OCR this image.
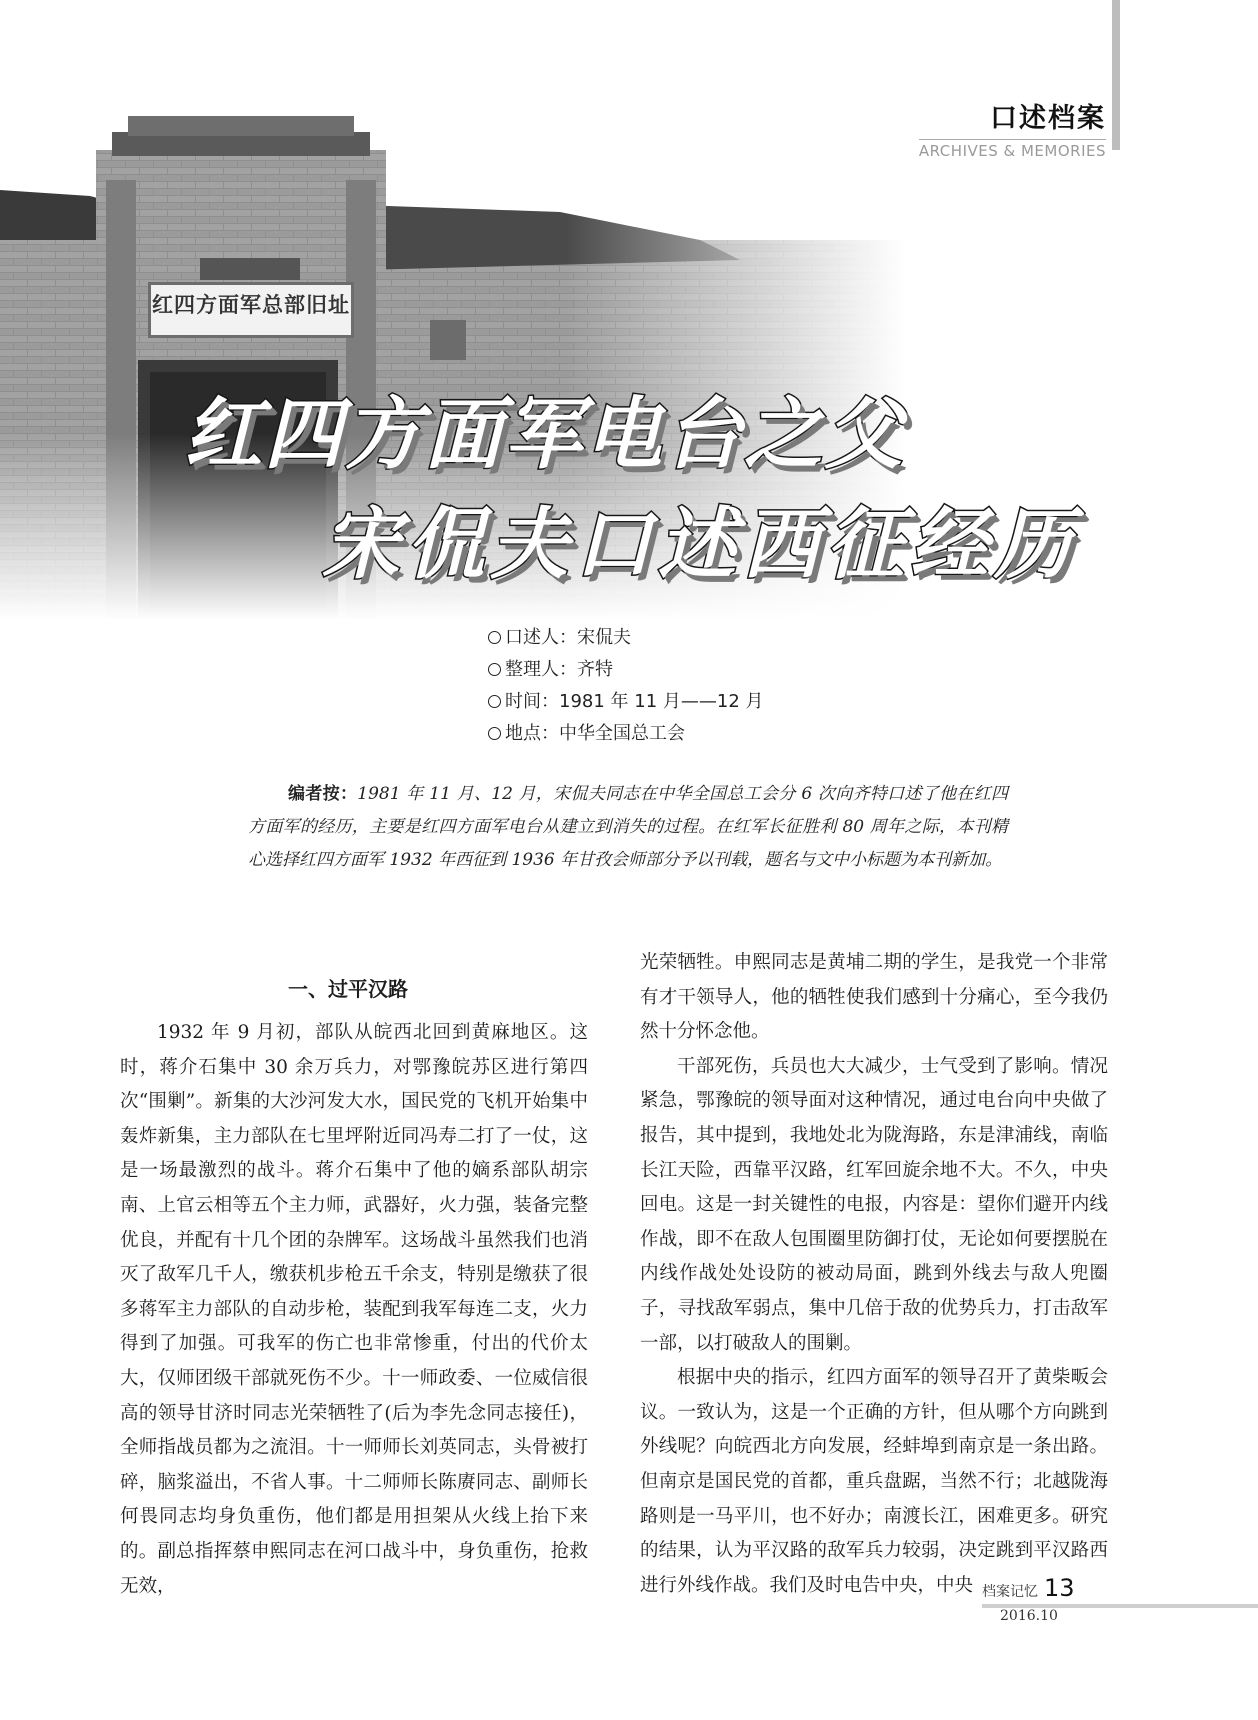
红四方面军总部旧址
口述档案
ARCHIVES & MEMORIES
红四方面军电台之父
宋侃夫口述西征经历
口述人：宋侃夫
整理人：齐特
时间：1981 年 11 月——12 月
地点：中华全国总工会
编者按：1981 年 11 月、12 月，宋侃夫同志在中华全国总工会分 6 次向齐特口述了他在红四方面军的经历，主要是红四方面军电台从建立到消失的过程。在红军长征胜利 80 周年之际，本刊精心选择红四方面军 1932 年西征到 1936 年甘孜会师部分予以刊载，题名与文中小标题为本刊新加。
一、过平汉路

1932 年 9 月初，部队从皖西北回到黄麻地区。这时，蒋介石集中 30 余万兵力，对鄂豫皖苏区进行第四次“围剿”。新集的大沙河发大水，国民党的飞机开始集中轰炸新集，主力部队在七里坪附近同冯寿二打了一仗，这是一场最激烈的战斗。蒋介石集中了他的嫡系部队胡宗南、上官云相等五个主力师，武器好，火力强，装备完整优良，并配有十几个团的杂牌军。这场战斗虽然我们也消灭了敌军几千人，缴获机步枪五千余支，特别是缴获了很多蒋军主力部队的自动步枪，装配到我军每连二支，火力得到了加强。可我军的伤亡也非常惨重，付出的代价太大，仅师团级干部就死伤不少。十一师政委、一位威信很高的领导甘济时同志光荣牺牲了(后为李先念同志接任)，全师指战员都为之流泪。十一师师长刘英同志，头骨被打碎，脑浆溢出，不省人事。十二师师长陈赓同志、副师长何畏同志均身负重伤，他们都是用担架从火线上抬下来的。副总指挥蔡申熙同志在河口战斗中，身负重伤，抢救无效，

光荣牺牲。申熙同志是黄埔二期的学生，是我党一个非常有才干领导人，他的牺牲使我们感到十分痛心，至今我仍然十分怀念他。

干部死伤，兵员也大大减少，士气受到了影响。情况紧急，鄂豫皖的领导面对这种情况，通过电台向中央做了报告，其中提到，我地处北为陇海路，东是津浦线，南临长江天险，西靠平汉路，红军回旋余地不大。不久，中央回电。这是一封关键性的电报，内容是：望你们避开内线作战，即不在敌人包围圈里防御打仗，无论如何要摆脱在内线作战处处设防的被动局面，跳到外线去与敌人兜圈子，寻找敌军弱点，集中几倍于敌的优势兵力，打击敌军一部，以打破敌人的围剿。

根据中央的指示，红四方面军的领导召开了黄柴畈会议。一致认为，这是一个正确的方针，但从哪个方向跳到外线呢？向皖西北方向发展，经蚌埠到南京是一条出路。但南京是国民党的首都，重兵盘踞，当然不行；北越陇海路则是一马平川，也不好办；南渡长江，困难更多。研究的结果，认为平汉路的敌军兵力较弱，决定跳到平汉路西进行外线作战。我们及时电告中央，中央 档案记忆 13
2016.10
